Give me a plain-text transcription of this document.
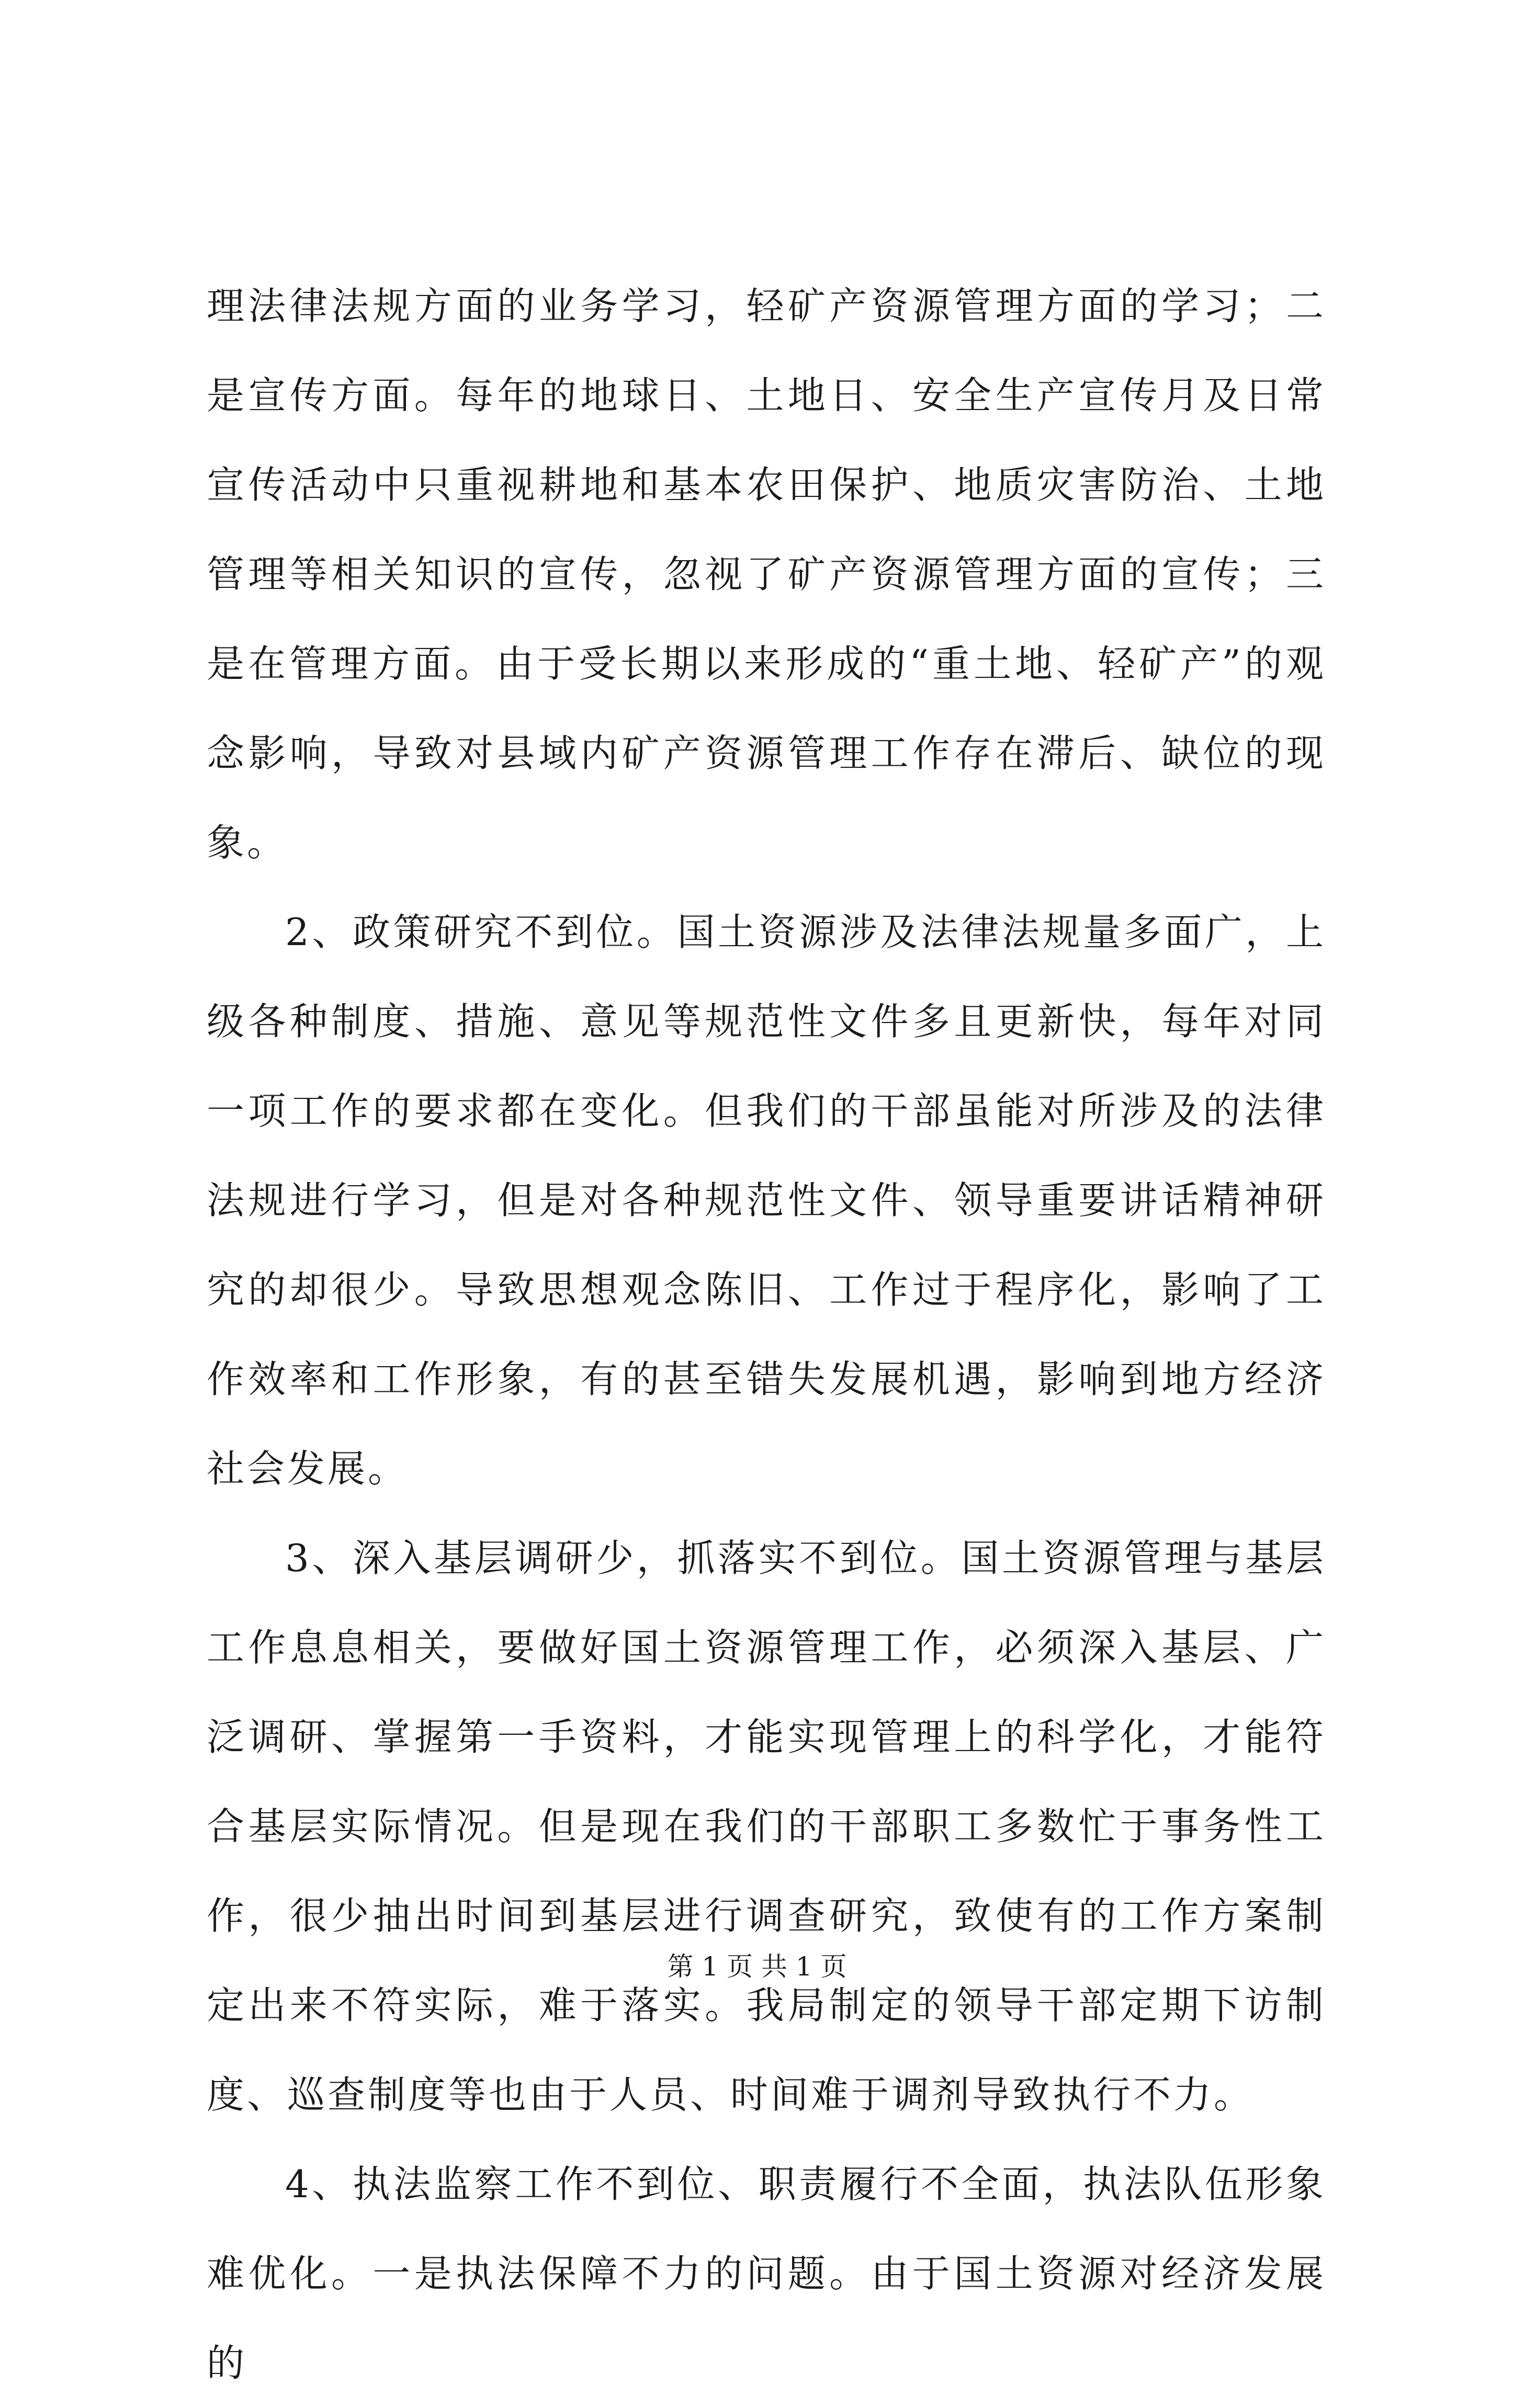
理法律法规方面的业务学习，轻矿产资源管理方面的学习；二是宣传方面。每年的地球日、土地日、安全生产宣传月及日常宣传活动中只重视耕地和基本农田保护、地质灾害防治、土地管理等相关知识的宣传，忽视了矿产资源管理方面的宣传；三是在管理方面。由于受长期以来形成的“重土地、轻矿产”的观念影响，导致对县域内矿产资源管理工作存在滞后、缺位的现象。

2、政策研究不到位。国土资源涉及法律法规量多面广，上级各种制度、措施、意见等规范性文件多且更新快，每年对同一项工作的要求都在变化。但我们的干部虽能对所涉及的法律法规进行学习，但是对各种规范性文件、领导重要讲话精神研究的却很少。导致思想观念陈旧、工作过于程序化，影响了工作效率和工作形象，有的甚至错失发展机遇，影响到地方经济社会发展。

3、深入基层调研少，抓落实不到位。国土资源管理与基层工作息息相关，要做好国土资源管理工作，必须深入基层、广泛调研、掌握第一手资料，才能实现管理上的科学化，才能符合基层实际情况。但是现在我们的干部职工多数忙于事务性工作，很少抽出时间到基层进行调查研究，致使有的工作方案制定出来不符实际，难于落实。我局制定的领导干部定期下访制度、巡查制度等也由于人员、时间难于调剂导致执行不力。

4、执法监察工作不到位、职责履行不全面，执法队伍形象难优化。一是执法保障不力的问题。由于国土资源对经济发展的

第 1 页 共 1 页
